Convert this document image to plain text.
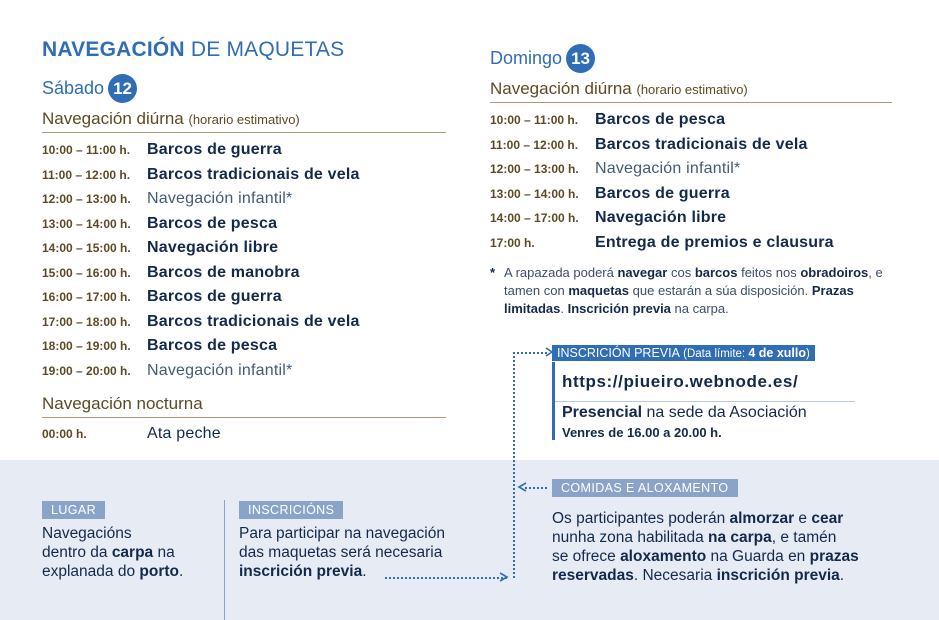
NAVEGACIÓN DE MAQUETAS
Sábado 12
Navegación diúrna (horario estimativo)
10:00 – 11:00 h.	Barcos de guerra
11:00 – 12:00 h.	Barcos tradicionais de vela
12:00 – 13:00 h.	Navegación infantil*
13:00 – 14:00 h.	Barcos de pesca
14:00 – 15:00 h.	Navegación libre
15:00 – 16:00 h.	Barcos de manobra
16:00 – 17:00 h.	Barcos de guerra
17:00 – 18:00 h.	Barcos tradicionais de vela
18:00 – 19:00 h.	Barcos de pesca
19:00 – 20:00 h.	Navegación infantil*
Navegación nocturna
00:00 h.	Ata peche
Domingo 13
Navegación diúrna (horario estimativo)
10:00 – 11:00 h.	Barcos de pesca
11:00 – 12:00 h.	Barcos tradicionais de vela
12:00 – 13:00 h.	Navegación infantil*
13:00 – 14:00 h.	Barcos de guerra
14:00 – 17:00 h.	Navegación libre
17:00 h.	Entrega de premios e clausura
* A rapazada poderá navegar cos barcos feitos nos obradoiros, e tamen con maquetas que estarán a súa disposición. Prazas limitadas. Inscrición previa na carpa.
INSCRICIÓN PREVIA (Data límite: 4 de xullo)
https://piueiro.webnode.es/
Presencial na sede da Asociación
Venres de 16.00 a 20.00 h.
LUGAR
Navegacións
dentro da carpa na
explanada do porto.
INSCRICIÓNS
Para participar na navegación
das maquetas será necesaria
inscrición previa.
COMIDAS E ALOXAMENTO
Os participantes poderán almorzar e cear
nunha zona habilitada na carpa, e tamén
se ofrece aloxamento na Guarda en prazas
reservadas. Necesaria inscrición previa.
